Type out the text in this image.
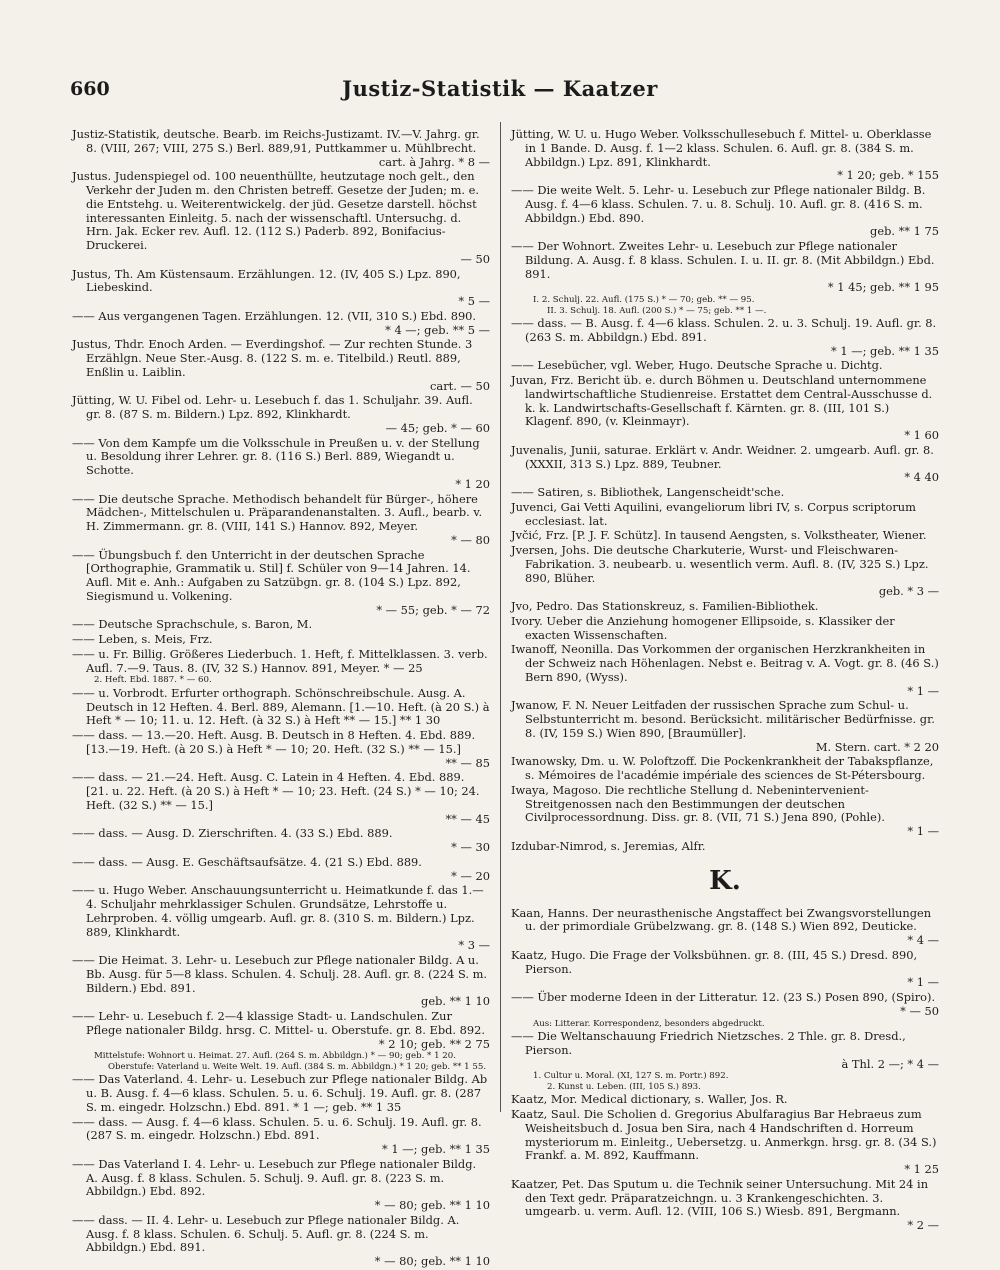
660	Justiz-Statistik — Kaatzer
Justiz-Statistik, deutsche. Bearb. im Reichs-Justizamt. IV.—V. Jahrg. gr. 8. (VIII, 267; VIII, 275 S.) Berl. 889,91, Puttkammer u. Mühlbrecht.
cart. à Jahrg. * 8 —
Justus. Judenspiegel od. 100 neuenthüllte, heutzutage noch gelt., den Verkehr der Juden m. den Christen betreff. Gesetze der Juden; m. e. die Entstehg. u. Weiterentwickelg. der jüd. Gesetze darstell. höchst interessanten Einleitg. 5. nach der wissenschaftl. Untersuchg. d. Hrn. Jak. Ecker rev. Aufl. 12. (112 S.) Paderb. 892, Bonifacius-Druckerei.
— 50
Justus, Th. Am Küstensaum. Erzählungen. 12. (IV, 405 S.) Lpz. 890, Liebeskind.
* 5 —
—— Aus vergangenen Tagen. Erzählungen. 12. (VII, 310 S.) Ebd. 890.
* 4 —; geb. ** 5 —
Justus, Thdr. Enoch Arden. — Everdingshof. — Zur rechten Stunde. 3 Erzählgn. Neue Ster.-Ausg. 8. (122 S. m. e. Titelbild.) Reutl. 889, Enßlin u. Laiblin.
cart. — 50
Jütting, W. U. Fibel od. Lehr- u. Lesebuch f. das 1. Schuljahr. 39. Aufl. gr. 8. (87 S. m. Bildern.) Lpz. 892, Klinkhardt.
— 45; geb. * — 60
—— Von dem Kampfe um die Volksschule in Preußen u. v. der Stellung u. Besoldung ihrer Lehrer. gr. 8. (116 S.) Berl. 889, Wiegandt u. Schotte.
* 1 20
—— Die deutsche Sprache. Methodisch behandelt für Bürger-, höhere Mädchen-, Mittelschulen u. Präparandenanstalten. 3. Aufl., bearb. v. H. Zimmermann. gr. 8. (VIII, 141 S.) Hannov. 892, Meyer.
* — 80
—— Übungsbuch f. den Unterricht in der deutschen Sprache [Orthographie, Grammatik u. Stil] f. Schüler von 9—14 Jahren. 14. Aufl. Mit e. Anh.: Aufgaben zu Satzübgn. gr. 8. (104 S.) Lpz. 892, Siegismund u. Volkening.
* — 55; geb. * — 72
—— Deutsche Sprachschule, s. Baron, M.
—— Leben, s. Meis, Frz.
—— u. Fr. Billig. Größeres Liederbuch. 1. Heft, f. Mittelklassen. 3. verb. Aufl. 7.—9. Taus. 8. (IV, 32 S.) Hannov. 891, Meyer. * — 25
2. Heft. Ebd. 1887. * — 60.
—— u. Vorbrodt. Erfurter orthograph. Schönschreibschule. Ausg. A. Deutsch in 12 Heften. 4. Berl. 889, Alemann. [1.—10. Heft. (à 20 S.) à Heft * — 10; 11. u. 12. Heft. (à 32 S.) à Heft ** — 15.] ** 1 30
—— dass. — 13.—20. Heft. Ausg. B. Deutsch in 8 Heften. 4. Ebd. 889. [13.—19. Heft. (à 20 S.) à Heft * — 10; 20. Heft. (32 S.) ** — 15.]
** — 85
—— dass. — 21.—24. Heft. Ausg. C. Latein in 4 Heften. 4. Ebd. 889. [21. u. 22. Heft. (à 20 S.) à Heft * — 10; 23. Heft. (24 S.) * — 10; 24. Heft. (32 S.) ** — 15.]
** — 45
—— dass. — Ausg. D. Zierschriften. 4. (33 S.) Ebd. 889.
* — 30
—— dass. — Ausg. E. Geschäftsaufsätze. 4. (21 S.) Ebd. 889.
* — 20
—— u. Hugo Weber. Anschauungsunterricht u. Heimatkunde f. das 1.—4. Schuljahr mehrklassiger Schulen. Grundsätze, Lehrstoffe u. Lehrproben. 4. völlig umgearb. Aufl. gr. 8. (310 S. m. Bildern.) Lpz. 889, Klinkhardt.
* 3 —
—— Die Heimat. 3. Lehr- u. Lesebuch zur Pflege nationaler Bildg. A u. Bb. Ausg. für 5—8 klass. Schulen. 4. Schulj. 28. Aufl. gr. 8. (224 S. m. Bildern.) Ebd. 891.
geb. ** 1 10
—— Lehr- u. Lesebuch f. 2—4 klassige Stadt- u. Landschulen. Zur Pflege nationaler Bildg. hrsg. C. Mittel- u. Oberstufe. gr. 8. Ebd. 892.
* 2 10; geb. ** 2 75
Mittelstufe: Wohnort u. Heimat. 27. Aufl. (264 S. m. Abbildgn.) * — 90; geb. * 1 20. Oberstufe: Vaterland u. Weite Welt. 19. Aufl. (384 S. m. Abbildgn.) * 1 20; geb. ** 1 55.
—— Das Vaterland. 4. Lehr- u. Lesebuch zur Pflege nationaler Bildg. Ab u. B. Ausg. f. 4—6 klass. Schulen. 5. u. 6. Schulj. 19. Aufl. gr. 8. (287 S. m. eingedr. Holzschn.) Ebd. 891. * 1 —; geb. ** 1 35
—— dass. — Ausg. f. 4—6 klass. Schulen. 5. u. 6. Schulj. 19. Aufl. gr. 8. (287 S. m. eingedr. Holzschn.) Ebd. 891.
* 1 —; geb. ** 1 35
—— Das Vaterland I. 4. Lehr- u. Lesebuch zur Pflege nationaler Bildg. A. Ausg. f. 8 klass. Schulen. 5. Schulj. 9. Aufl. gr. 8. (223 S. m. Abbildgn.) Ebd. 892.
* — 80; geb. ** 1 10
—— dass. — II. 4. Lehr- u. Lesebuch zur Pflege nationaler Bildg. A. Ausg. f. 8 klass. Schulen. 6. Schulj. 5. Aufl. gr. 8. (224 S. m. Abbildgn.) Ebd. 891.
* — 80; geb. ** 1 10
Jütting, W. U. u. Hugo Weber. Volksschullesebuch f. Mittel- u. Oberklasse in 1 Bande. D. Ausg. f. 1—2 klass. Schulen. 6. Aufl. gr. 8. (384 S. m. Abbildgn.) Lpz. 891, Klinkhardt.
* 1 20; geb. * 155
—— Die weite Welt. 5. Lehr- u. Lesebuch zur Pflege nationaler Bildg. B. Ausg. f. 4—6 klass. Schulen. 7. u. 8. Schulj. 10. Aufl. gr. 8. (416 S. m. Abbildgn.) Ebd. 890.
geb. ** 1 75
—— Der Wohnort. Zweites Lehr- u. Lesebuch zur Pflege nationaler Bildung. A. Ausg. f. 8 klass. Schulen. I. u. II. gr. 8. (Mit Abbildgn.) Ebd. 891.
* 1 45; geb. ** 1 95
I. 2. Schulj. 22. Aufl. (175 S.) * — 70; geb. ** — 95.
II. 3. Schulj. 18. Aufl. (200 S.) * — 75; geb. ** 1 —.
—— dass. — B. Ausg. f. 4—6 klass. Schulen. 2. u. 3. Schulj. 19. Aufl. gr. 8. (263 S. m. Abbildgn.) Ebd. 891.
* 1 —; geb. ** 1 35
—— Lesebücher, vgl. Weber, Hugo. Deutsche Sprache u. Dichtg.
Juvan, Frz. Bericht üb. e. durch Böhmen u. Deutschland unternommene landwirtschaftliche Studienreise. Erstattet dem Central-Ausschusse d. k. k. Landwirtschafts-Gesellschaft f. Kärnten. gr. 8. (III, 101 S.) Klagenf. 890, (v. Kleinmayr).
* 1 60
Juvenalis, Junii, saturae. Erklärt v. Andr. Weidner. 2. umgearb. Aufl. gr. 8. (XXXII, 313 S.) Lpz. 889, Teubner.
* 4 40
—— Satiren, s. Bibliothek, Langenscheidt'sche.
Juvenci, Gai Vetti Aquilini, evangeliorum libri IV, s. Corpus scriptorum ecclesiast. lat.
Jvčić, Frz. [P. J. F. Schütz]. In tausend Aengsten, s. Volkstheater, Wiener.
Jversen, Johs. Die deutsche Charkuterie, Wurst- und Fleischwaren-Fabrikation. 3. neubearb. u. wesentlich verm. Aufl. 8. (IV, 325 S.) Lpz. 890, Blüher.
geb. * 3 —
Jvo, Pedro. Das Stationskreuz, s. Familien-Bibliothek.
Ivory. Ueber die Anziehung homogener Ellipsoide, s. Klassiker der exacten Wissenschaften.
Iwanoff, Neonilla. Das Vorkommen der organischen Herzkrankheiten in der Schweiz nach Höhenlagen. Nebst e. Beitrag v. A. Vogt. gr. 8. (46 S.) Bern 890, (Wyss).
* 1 —
Jwanow, F. N. Neuer Leitfaden der russischen Sprache zum Schul- u. Selbstunterricht m. besond. Berücksicht. militärischer Bedürfnisse. gr. 8. (IV, 159 S.) Wien 890, [Braumüller].
M. Stern. cart. * 2 20
Iwanowsky, Dm. u. W. Poloftzoff. Die Pockenkrankheit der Tabakspflanze, s. Mémoires de l'académie impériale des sciences de St-Pétersbourg.
Iwaya, Magoso. Die rechtliche Stellung d. Nebenintervenient-Streitgenossen nach den Bestimmungen der deutschen Civilprocessordnung. Diss. gr. 8. (VII, 71 S.) Jena 890, (Pohle).
* 1 —
Izdubar-Nimrod, s. Jeremias, Alfr.
K.
Kaan, Hanns. Der neurasthenische Angstaffect bei Zwangsvorstellungen u. der primordiale Grübelzwang. gr. 8. (148 S.) Wien 892, Deuticke.
* 4 —
Kaatz, Hugo. Die Frage der Volksbühnen. gr. 8. (III, 45 S.) Dresd. 890, Pierson.
* 1 —
—— Über moderne Ideen in der Litteratur. 12. (23 S.) Posen 890, (Spiro).
* — 50
Aus: Litterar. Korrespondenz, besonders abgedruckt.
—— Die Weltanschauung Friedrich Nietzsches. 2 Thle. gr. 8. Dresd., Pierson.
à Thl. 2 —; * 4 —
1. Cultur u. Moral. (XI, 127 S. m. Portr.) 892.
2. Kunst u. Leben. (III, 105 S.) 893.
Kaatz, Mor. Medical dictionary, s. Waller, Jos. R.
Kaatz, Saul. Die Scholien d. Gregorius Abulfaragius Bar Hebraeus zum Weisheitsbuch d. Josua ben Sira, nach 4 Handschriften d. Horreum mysteriorum m. Einleitg., Uebersetzg. u. Anmerkgn. hrsg. gr. 8. (34 S.) Frankf. a. M. 892, Kauffmann.
* 1 25
Kaatzer, Pet. Das Sputum u. die Technik seiner Untersuchung. Mit 24 in den Text gedr. Präparatzeichngn. u. 3 Krankengeschichten. 3. umgearb. u. verm. Aufl. 12. (VIII, 106 S.) Wiesb. 891, Bergmann.
* 2 —
